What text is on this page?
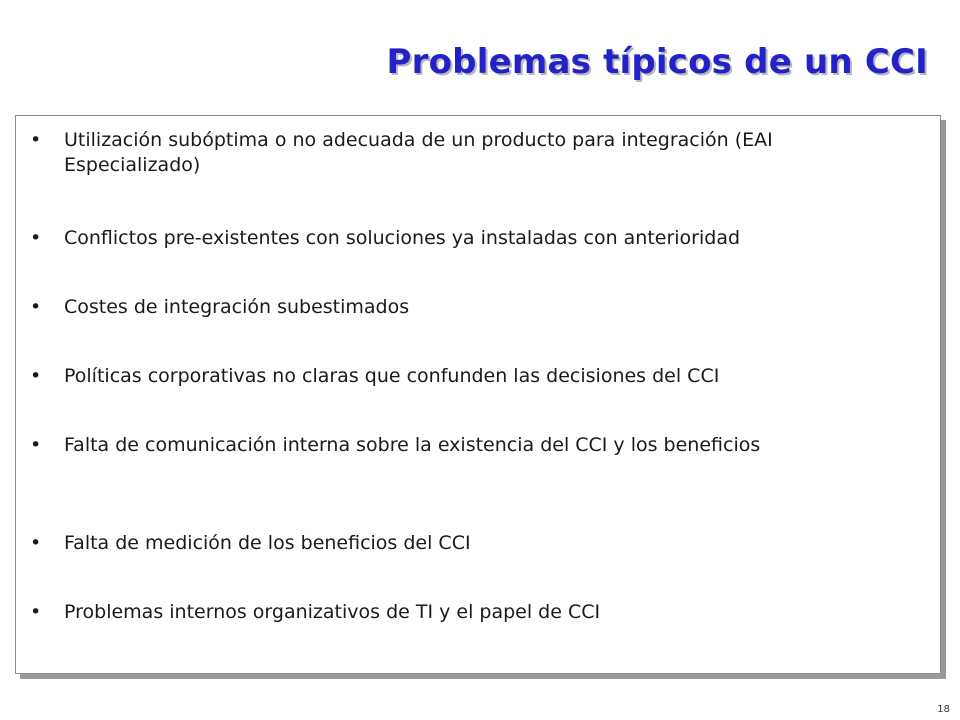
Problemas típicos de un CCI
• Utilización subóptima o no adecuada de un producto para integración (EAI Especializado)
• Conflictos pre-existentes con soluciones ya instaladas con anterioridad
• Costes de integración subestimados
• Políticas corporativas no claras que confunden las decisiones del CCI
• Falta de comunicación interna sobre la existencia del CCI y los beneficios
• Falta de medición de los beneficios del CCI
• Problemas internos organizativos de TI y el papel de CCI
18
